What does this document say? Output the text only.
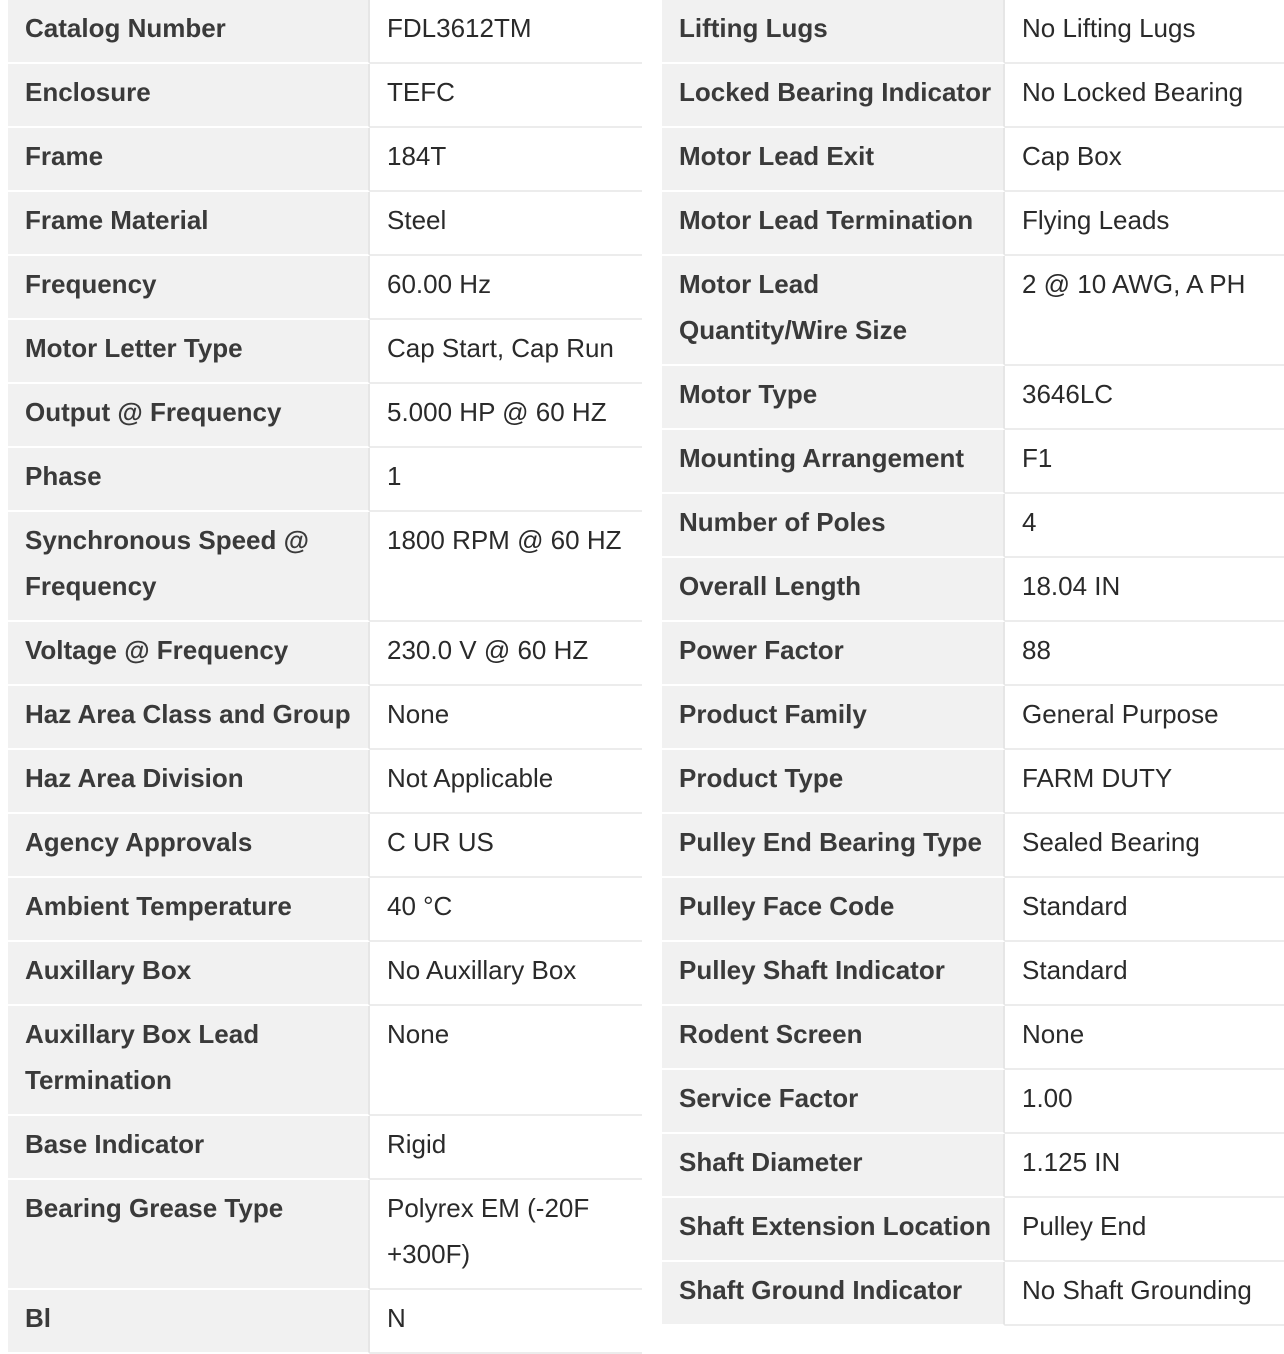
Catalog Number	FDL3612TM

Enclosure	TEFC

Frame	184T

Frame Material	Steel

Frequency	60.00 Hz

Motor Letter Type	Cap Start, Cap Run

Output @ Frequency	5.000 HP @ 60 HZ

Phase	1

Synchronous Speed @ Frequency	1800 RPM @ 60 HZ

Voltage @ Frequency	230.0 V @ 60 HZ

Haz Area Class and Group	None

Haz Area Division	Not Applicable

Agency Approvals	C UR US

Ambient Temperature	40 °C

Auxillary Box	No Auxillary Box

Auxillary Box Lead Termination	None

Base Indicator	Rigid

Bearing Grease Type	Polyrex EM (-20F +300F)

Bl	N
Lifting Lugs	No Lifting Lugs

Locked Bearing Indicator	No Locked Bearing

Motor Lead Exit	Cap Box

Motor Lead Termination	Flying Leads

Motor Lead Quantity/Wire Size	2 @ 10 AWG, A PH

Motor Type	3646LC

Mounting Arrangement	F1

Number of Poles	4

Overall Length	18.04 IN

Power Factor	88

Product Family	General Purpose

Product Type	FARM DUTY

Pulley End Bearing Type	Sealed Bearing

Pulley Face Code	Standard

Pulley Shaft Indicator	Standard

Rodent Screen	None

Service Factor	1.00

Shaft Diameter	1.125 IN

Shaft Extension Location	Pulley End

Shaft Ground Indicator	No Shaft Grounding
